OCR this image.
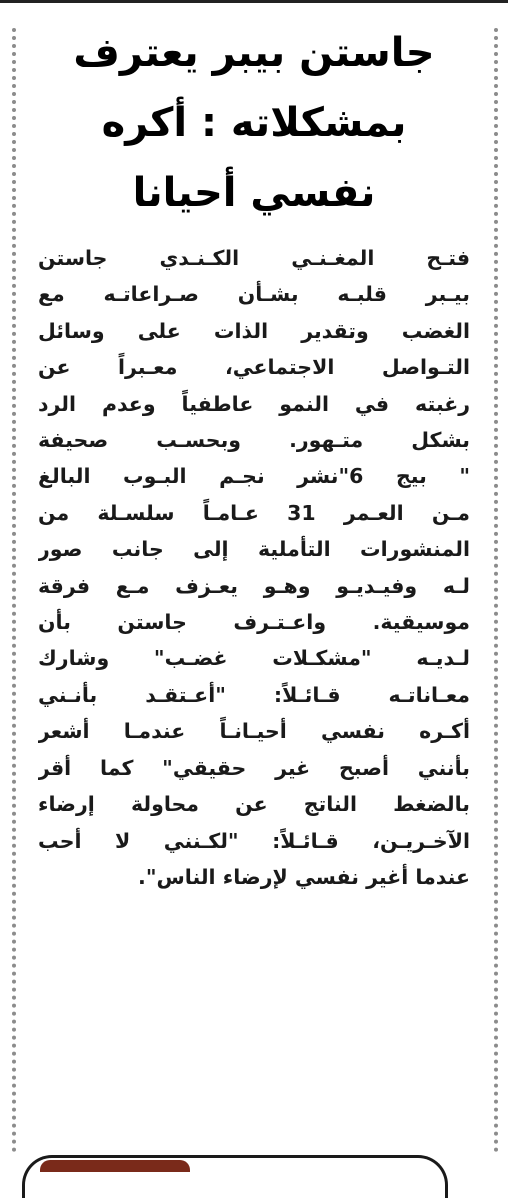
جاستن بيبر يعترف
بمشكلاته : أكره نفسي أحيانا
فتـح المغـنـي الكـنـدي جاستن
بيـبر قلبـه بشـأن صـراعاتـه مع
الغضب وتقدير الذات على وسائل
التـواصل الاجتماعي، معـبراً عن
رغبته في النمو عاطفياً وعدم الرد
بشكل متـهور. وبحسـب صحيفة
" بيج 6"نشر نجـم البـوب البالغ
مـن العـمر 31 عـامـاً سلسـلة من
المنشورات التأملية إلى جانب صور
لـه وفيـديـو وهـو يعـزف مـع فرقة
موسيقية. واعـتـرف جاستن بأن
لـديـه "مشكـلات غضـب" وشارك
معـاناتـه قـائـلاً: "أعـتقـد بأنـني
أكـره نفسي أحيـانـاً عندمـا أشعر
بأنني أصبح غير حقيقي" كما أقر
بالضغط الناتج عن محاولة إرضاء
الآخـريـن، قـائـلاً: "لكـنني لا أحب
عندما أغير نفسي لإرضاء الناس".
